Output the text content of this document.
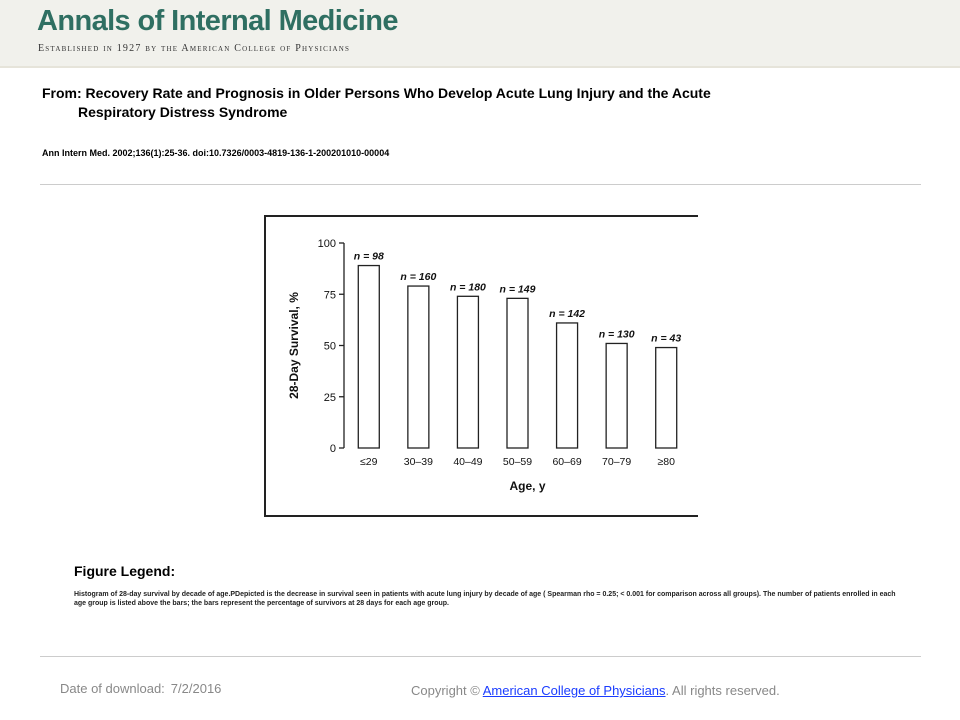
Annals of Internal Medicine
Established in 1927 by the American College of Physicians
From: Recovery Rate and Prognosis in Older Persons Who Develop Acute Lung Injury and the Acute
Respiratory Distress Syndrome
Ann Intern Med. 2002;136(1):25-36. doi:10.7326/0003-4819-136-1-200201010-00004
0
25
50
75
100
n = 98
≤29
n = 160
30–39
n = 180
40–49
n = 149
50–59
n = 142
60–69
n = 130
70–79
n = 43
≥80
Age, y
28-Day Survival, %
Figure Legend:
Histogram of 28-day survival by decade of age.PDepicted is the decrease in survival seen in patients with acute lung injury by decade of age ( Spearman rho = 0.25; < 0.001 for comparison across all groups). The number of patients enrolled in each age group is listed above the bars; the bars represent the percentage of survivors at 28 days for each age group.
Date of download: 7/2/2016	Copyright © American College of Physicians. All rights reserved.
